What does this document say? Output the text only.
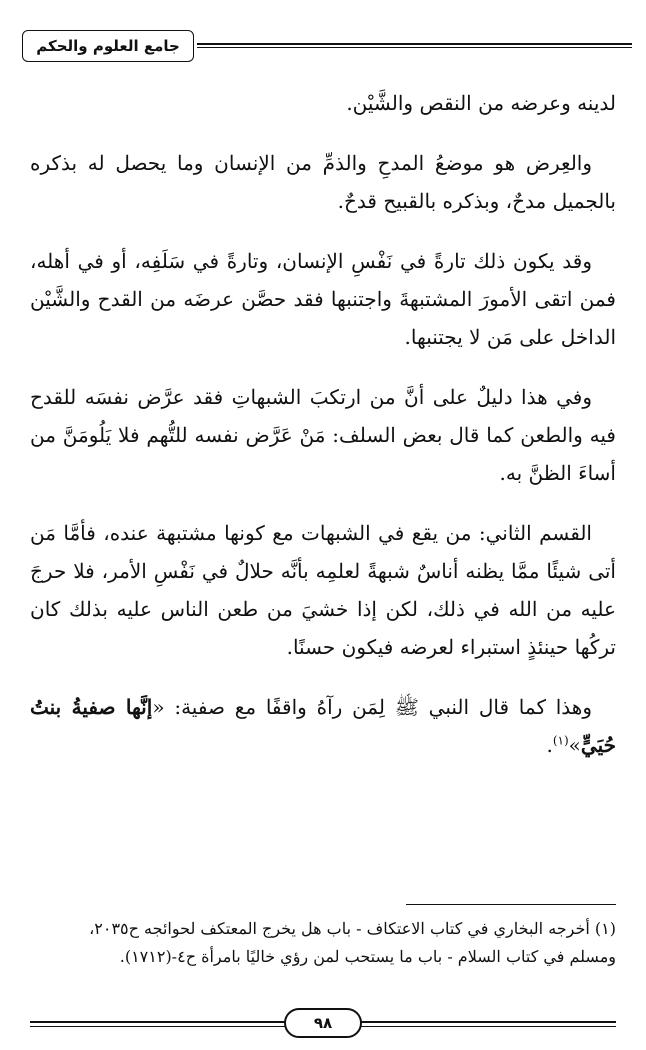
جامع العلوم والحكم

لدينه وعرضه من النقص والشَّيْن.

والعِرض هو موضعُ المدحِ والذمِّ من الإنسان وما يحصل له بذكره بالجميل مدحٌ، وبذكره بالقبيح قدحٌ.

وقد يكون ذلك تارةً في نَفْسِ الإنسان، وتارةً في سَلَفِه، أو في أهله، فمن اتقى الأمورَ المشتبهةَ واجتنبها فقد حصَّن عرضَه من القدح والشَّيْن الداخل على مَن لا يجتنبها.

وفي هذا دليلٌ على أنَّ من ارتكبَ الشبهاتِ فقد عرَّض نفسَه للقدح فيه والطعن كما قال بعض السلف: مَنْ عَرَّض نفسه للتُّهم فلا يَلُومَنَّ من أساءَ الظنَّ به.

القسم الثاني: من يقع في الشبهات مع كونها مشتبهة عنده، فأمَّا مَن أتى شيئًا ممَّا يظنه أناسٌ شبهةً لعلمِه بأنَّه حلالٌ في نَفْسِ الأمر، فلا حرجَ عليه من الله في ذلك، لكن إذا خشيَ من طعن الناس عليه بذلك كان تركُها حينئذٍ استبراء لعرضه فيكون حسنًا.

وهذا كما قال النبي ﷺ لِمَن رآهُ واقفًا مع صفية: «إنَّها صفيةُ بنتُ حُيَيٍّ»$^{(١)}$.

(١) أخرجه البخاري في كتاب الاعتكاف - باب هل يخرج المعتكف لحوائجه ح٢٠٣٥،

ومسلم في كتاب السلام - باب ما يستحب لمن رؤي خاليًا بامرأة ح٤-(١٧١٢).

٩٨
